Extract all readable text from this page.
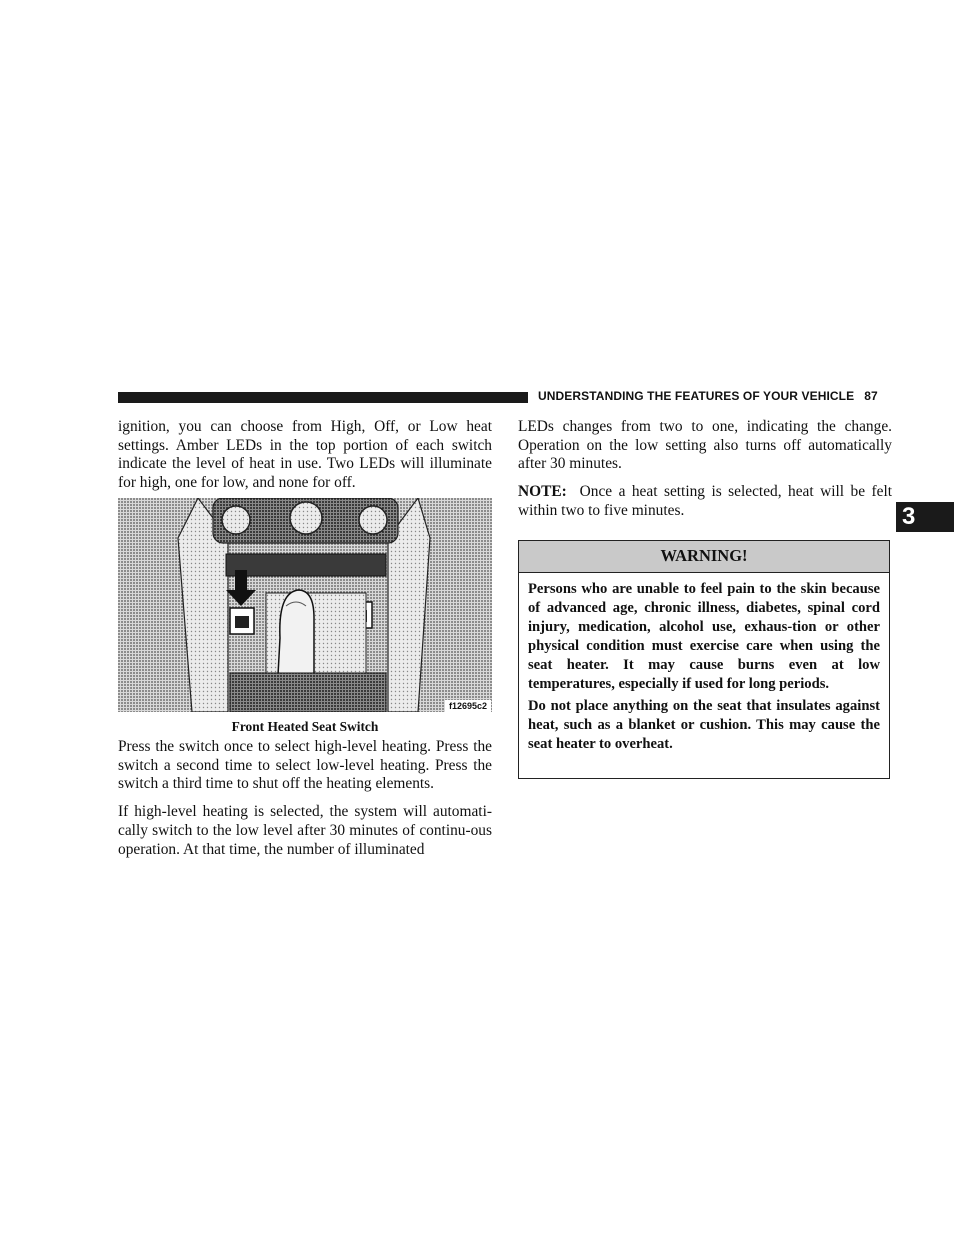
UNDERSTANDING THE FEATURES OF YOUR VEHICLE 87
3

ignition, you can choose from High, Off, or Low heat settings. Amber LEDs in the top portion of each switch indicate the level of heat in use. Two LEDs will illuminate for high, one for low, and none for off.

f12695c2
Front Heated Seat Switch

Press the switch once to select high-level heating. Press the switch a second time to select low-level heating. Press the switch a third time to shut off the heating elements.

If high-level heating is selected, the system will automati-cally switch to the low level after 30 minutes of continu-ous operation. At that time, the number of illuminated

LEDs changes from two to one, indicating the change. Operation on the low setting also turns off automatically after 30 minutes.

NOTE: Once a heat setting is selected, heat will be felt within two to five minutes.

WARNING!

Persons who are unable to feel pain to the skin because of advanced age, chronic illness, diabetes, spinal cord injury, medication, alcohol use, exhaus-tion or other physical condition must exercise care when using the seat heater. It may cause burns even at low temperatures, especially if used for long periods.

Do not place anything on the seat that insulates against heat, such as a blanket or cushion. This may cause the seat heater to overheat.
